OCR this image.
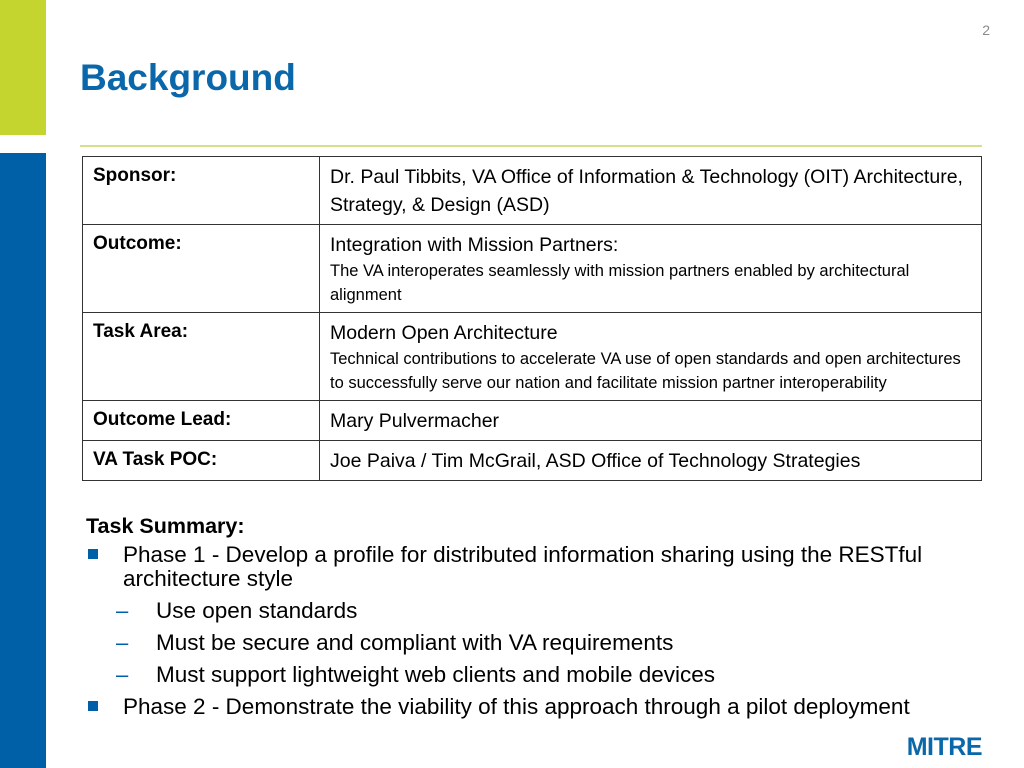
2
Background
Sponsor:	Dr. Paul Tibbits, VA Office of Information & Technology (OIT) Architecture, Strategy, & Design (ASD)

Outcome:	Integration with Mission Partners:
The VA interoperates seamlessly with mission partners enabled by architectural alignment

Task Area:	Modern Open Architecture
Technical contributions to accelerate VA use of open standards and open architectures to successfully serve our nation and facilitate mission partner interoperability

Outcome Lead:	Mary Pulvermacher

VA Task POC:	Joe Paiva / Tim McGrail, ASD Office of Technology Strategies
Task Summary:
Phase 1 - Develop a profile for distributed information sharing using the RESTful architecture style
– Use open standards
– Must be secure and compliant with VA requirements
– Must support lightweight web clients and mobile devices
Phase 2 - Demonstrate the viability of this approach through a pilot deployment
MITRE
